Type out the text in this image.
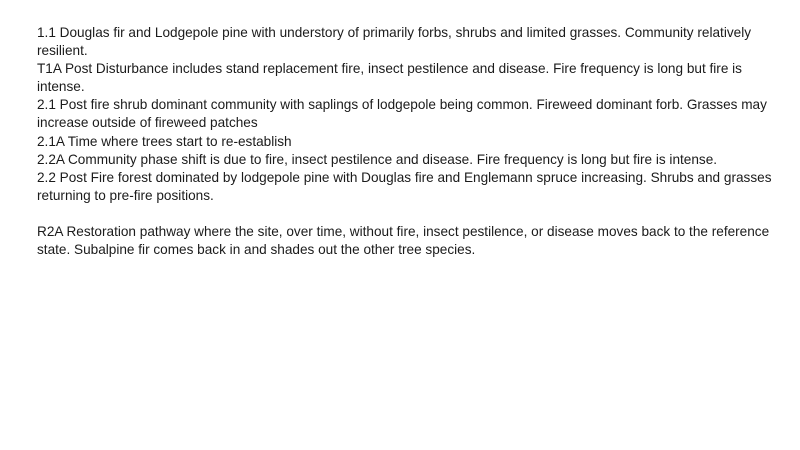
1.1 Douglas fir and Lodgepole pine with understory of primarily forbs, shrubs and limited grasses. Community relatively resilient.

T1A Post Disturbance includes stand replacement fire, insect pestilence and disease. Fire frequency is long but fire is intense.

2.1 Post fire shrub dominant community with saplings of lodgepole being common. Fireweed dominant forb. Grasses may increase outside of fireweed patches

2.1A Time where trees start to re-establish

2.2A Community phase shift is due to fire, insect pestilence and disease. Fire frequency is long but fire is intense.

2.2 Post Fire forest dominated by lodgepole pine with Douglas fire and Englemann spruce increasing. Shrubs and grasses returning to pre-fire positions.

R2A Restoration pathway where the site, over time, without fire, insect pestilence, or disease moves back to the reference state. Subalpine fir comes back in and shades out the other tree species.
